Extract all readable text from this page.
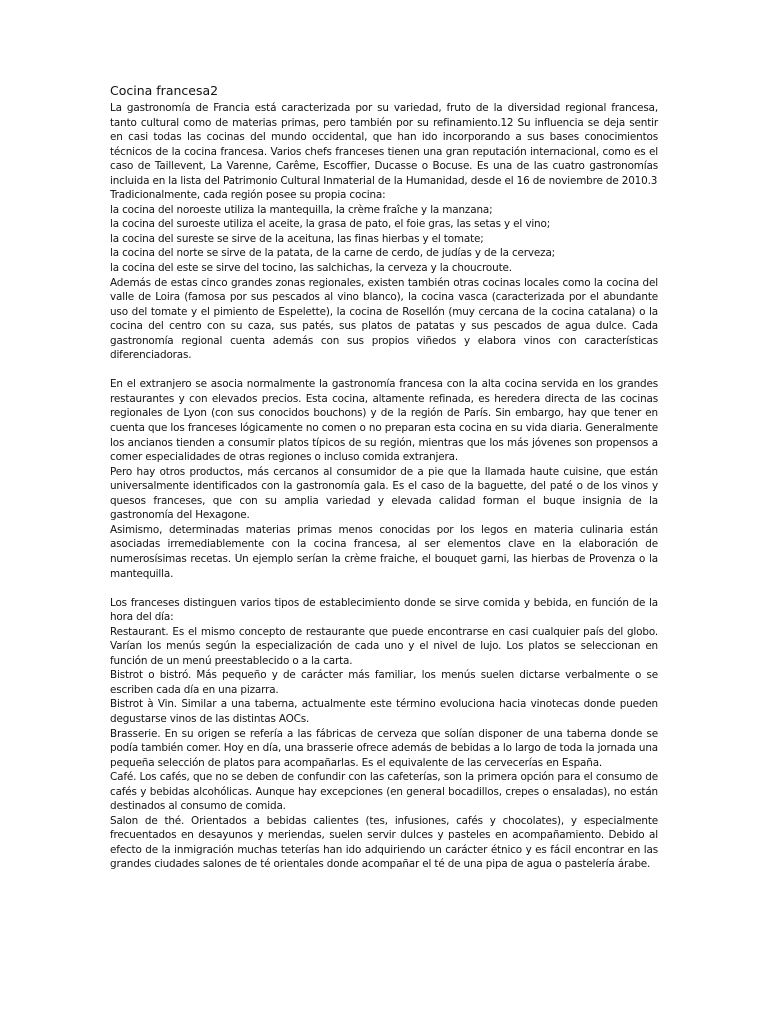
Cocina francesa2

La gastronomía de Francia está caracterizada por su variedad, fruto de la diversidad regional francesa, tanto cultural como de materias primas, pero también por su refinamiento.12 Su influencia se deja sentir en casi todas las cocinas del mundo occidental, que han ido incorporando a sus bases conocimientos técnicos de la cocina francesa. Varios chefs franceses tienen una gran reputación internacional, como es el caso de Taillevent, La Varenne, Carême, Escoffier, Ducasse o Bocuse. Es una de las cuatro gastronomías incluida en la lista del Patrimonio Cultural Inmaterial de la Humanidad, desde el 16 de noviembre de 2010.3

Tradicionalmente, cada región posee su propia cocina:

la cocina del noroeste utiliza la mantequilla, la crème fraîche y la manzana;

la cocina del suroeste utiliza el aceite, la grasa de pato, el foie gras, las setas y el vino;

la cocina del sureste se sirve de la aceituna, las finas hierbas y el tomate;

la cocina del norte se sirve de la patata, de la carne de cerdo, de judías y de la cerveza;

la cocina del este se sirve del tocino, las salchichas, la cerveza y la choucroute.

Además de estas cinco grandes zonas regionales, existen también otras cocinas locales como la cocina del valle de Loira (famosa por sus pescados al vino blanco), la cocina vasca (caracterizada por el abundante uso del tomate y el pimiento de Espelette), la cocina de Rosellón (muy cercana de la cocina catalana) o la cocina del centro con su caza, sus patés, sus platos de patatas y sus pescados de agua dulce. Cada gastronomía regional cuenta además con sus propios viñedos y elabora vinos con características diferenciadoras.

En el extranjero se asocia normalmente la gastronomía francesa con la alta cocina servida en los grandes restaurantes y con elevados precios. Esta cocina, altamente refinada, es heredera directa de las cocinas regionales de Lyon (con sus conocidos bouchons) y de la región de París. Sin embargo, hay que tener en cuenta que los franceses lógicamente no comen o no preparan esta cocina en su vida diaria. Generalmente los ancianos tienden a consumir platos típicos de su región, mientras que los más jóvenes son propensos a comer especialidades de otras regiones o incluso comida extranjera.

Pero hay otros productos, más cercanos al consumidor de a pie que la llamada haute cuisine, que están universalmente identificados con la gastronomía gala. Es el caso de la baguette, del paté o de los vinos y quesos franceses, que con su amplia variedad y elevada calidad forman el buque insignia de la gastronomía del Hexagone.

Asimismo, determinadas materias primas menos conocidas por los legos en materia culinaria están asociadas irremediablemente con la cocina francesa, al ser elementos clave en la elaboración de numerosísimas recetas. Un ejemplo serían la crème fraiche, el bouquet garni, las hierbas de Provenza o la mantequilla.

Los franceses distinguen varios tipos de establecimiento donde se sirve comida y bebida, en función de la hora del día:

Restaurant. Es el mismo concepto de restaurante que puede encontrarse en casi cualquier país del globo. Varían los menús según la especialización de cada uno y el nivel de lujo. Los platos se seleccionan en función de un menú preestablecido o a la carta.

Bistrot o bistró. Más pequeño y de carácter más familiar, los menús suelen dictarse verbalmente o se escriben cada día en una pizarra.

Bistrot à Vin. Similar a una taberna, actualmente este término evoluciona hacia vinotecas donde pueden degustarse vinos de las distintas AOCs.

Brasserie. En su origen se refería a las fábricas de cerveza que solían disponer de una taberna donde se podía también comer. Hoy en día, una brasserie ofrece además de bebidas a lo largo de toda la jornada una pequeña selección de platos para acompañarlas. Es el equivalente de las cervecerías en España.

Café. Los cafés, que no se deben de confundir con las cafeterías, son la primera opción para el consumo de cafés y bebidas alcohólicas. Aunque hay excepciones (en general bocadillos, crepes o ensaladas), no están destinados al consumo de comida.

Salon de thé. Orientados a bebidas calientes (tes, infusiones, cafés y chocolates), y especialmente frecuentados en desayunos y meriendas, suelen servir dulces y pasteles en acompañamiento. Debido al efecto de la inmigración muchas teterías han ido adquiriendo un carácter étnico y es fácil encontrar en las grandes ciudades salones de té orientales donde acompañar el té de una pipa de agua o pastelería árabe.
